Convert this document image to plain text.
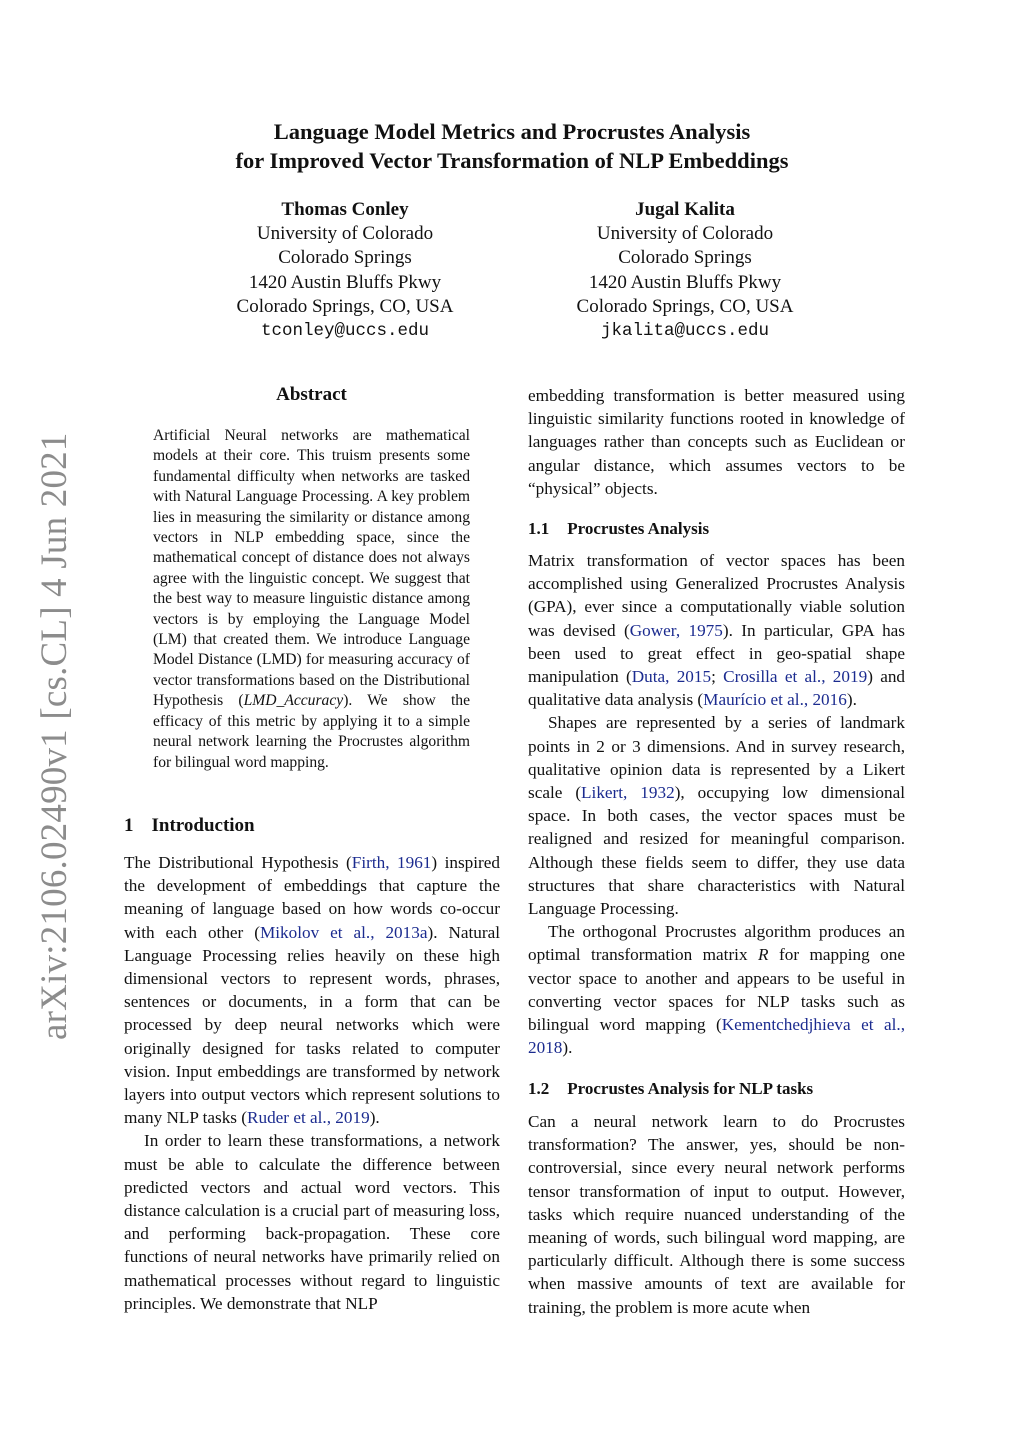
arXiv:2106.02490v1 [cs.CL] 4 Jun 2021
Language Model Metrics and Procrustes Analysis
for Improved Vector Transformation of NLP Embeddings
Thomas Conley
University of Colorado
Colorado Springs
1420 Austin Bluffs Pkwy
Colorado Springs, CO, USA
tconley@uccs.edu
Jugal Kalita
University of Colorado
Colorado Springs
1420 Austin Bluffs Pkwy
Colorado Springs, CO, USA
jkalita@uccs.edu
Abstract
Artificial Neural networks are mathematical models at their core. This truism presents some fundamental difficulty when networks are tasked with Natural Language Processing. A key problem lies in measuring the similarity or distance among vectors in NLP embedding space, since the mathematical concept of distance does not always agree with the linguistic concept. We suggest that the best way to measure linguistic distance among vectors is by employing the Language Model (LM) that created them. We introduce Language Model Distance (LMD) for measuring accuracy of vector transformations based on the Distributional Hypothesis (LMD_Accuracy). We show the efficacy of this metric by applying it to a simple neural network learning the Procrustes algorithm for bilingual word mapping.
1 Introduction

The Distributional Hypothesis (Firth, 1961) inspired the development of embeddings that capture the meaning of language based on how words co-occur with each other (Mikolov et al., 2013a). Natural Language Processing relies heavily on these high dimensional vectors to represent words, phrases, sentences or documents, in a form that can be processed by deep neural networks which were originally designed for tasks related to computer vision. Input embeddings are transformed by network layers into output vectors which represent solutions to many NLP tasks (Ruder et al., 2019).

In order to learn these transformations, a network must be able to calculate the difference between predicted vectors and actual word vectors. This distance calculation is a crucial part of measuring loss, and performing back-propagation. These core functions of neural networks have primarily relied on mathematical processes without regard to linguistic principles. We demonstrate that NLP

embedding transformation is better measured using linguistic similarity functions rooted in knowledge of languages rather than concepts such as Euclidean or angular distance, which assumes vectors to be “physical” objects.

1.1 Procrustes Analysis

Matrix transformation of vector spaces has been accomplished using Generalized Procrustes Analysis (GPA), ever since a computationally viable solution was devised (Gower, 1975). In particular, GPA has been used to great effect in geo-spatial shape manipulation (Duta, 2015; Crosilla et al., 2019) and qualitative data analysis (Maurício et al., 2016).

Shapes are represented by a series of landmark points in 2 or 3 dimensions. And in survey research, qualitative opinion data is represented by a Likert scale (Likert, 1932), occupying low dimensional space. In both cases, the vector spaces must be realigned and resized for meaningful comparison. Although these fields seem to differ, they use data structures that share characteristics with Natural Language Processing.

The orthogonal Procrustes algorithm produces an optimal transformation matrix R for mapping one vector space to another and appears to be useful in converting vector spaces for NLP tasks such as bilingual word mapping (Kementchedjhieva et al., 2018).

1.2 Procrustes Analysis for NLP tasks

Can a neural network learn to do Procrustes transformation? The answer, yes, should be non-controversial, since every neural network performs tensor transformation of input to output. However, tasks which require nuanced understanding of the meaning of words, such bilingual word mapping, are particularly difficult. Although there is some success when massive amounts of text are available for training, the problem is more acute when
